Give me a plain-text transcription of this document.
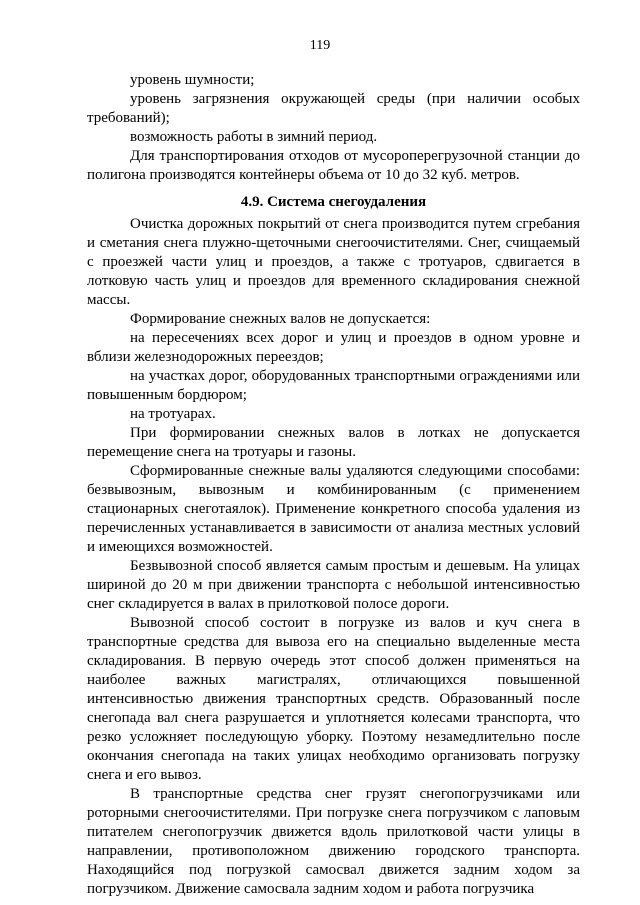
119

уровень шумности;

уровень загрязнения окружающей среды (при наличии особых требований);

возможность работы в зимний период.

Для транспортирования отходов от мусороперегрузочной станции до полигона производятся контейнеры объема от 10 до 32 куб. метров.

4.9. Система снегоудаления

Очистка дорожных покрытий от снега производится путем сгребания и сметания снега плужно-щеточными снегоочистителями. Снег, счищаемый с проезжей части улиц и проездов, а также с тротуаров, сдвигается в лотковую часть улиц и проездов для временного складирования снежной массы.

Формирование снежных валов не допускается:

на пересечениях всех дорог и улиц и проездов в одном уровне и вблизи железнодорожных переездов;

на участках дорог, оборудованных транспортными ограждениями или повышенным бордюром;

на тротуарах.

При формировании снежных валов в лотках не допускается перемещение снега на тротуары и газоны.

Сформированные снежные валы удаляются следующими способами: безвывозным, вывозным и комбинированным (с применением стационарных снеготаялок). Применение конкретного способа удаления из перечисленных устанавливается в зависимости от анализа местных условий и имеющихся возможностей.

Безвывозной способ является самым простым и дешевым. На улицах шириной до 20 м при движении транспорта с небольшой интенсивностью снег складируется в валах в прилотковой полосе дороги.

Вывозной способ состоит в погрузке из валов и куч снега в транспортные средства для вывоза его на специально выделенные места складирования. В первую очередь этот способ должен применяться на наиболее важных магистралях, отличающихся повышенной интенсивностью движения транспортных средств. Образованный после снегопада вал снега разрушается и уплотняется колесами транспорта, что резко усложняет последующую уборку. Поэтому незамедлительно после окончания снегопада на таких улицах необходимо организовать погрузку снега и его вывоз.

В транспортные средства снег грузят снегопогрузчиками или роторными снегоочистителями. При погрузке снега погрузчиком с лаповым питателем снегопогрузчик движется вдоль прилотковой части улицы в направлении, противоположном движению городского транспорта. Находящийся под погрузкой самосвал движется задним ходом за погрузчиком. Движение самосвала задним ходом и работа погрузчика
